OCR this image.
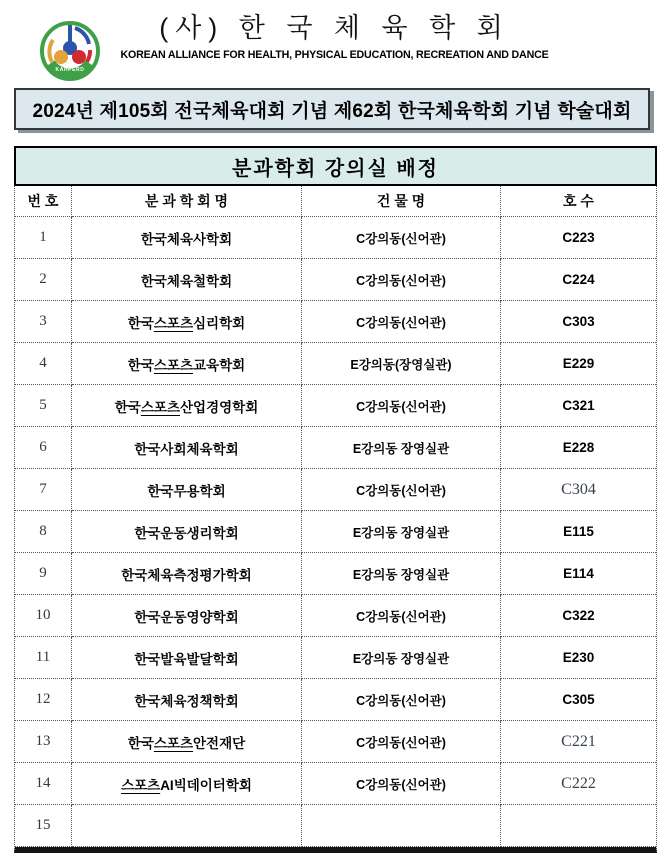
KAHPERD
(사) 한 국 체 육 학 회
KOREAN ALLIANCE FOR HEALTH, PHYSICAL EDUCATION, RECREATION AND DANCE
2024년 제105회 전국체육대회 기념 제62회 한국체육학회 기념 학술대회
분과학회 강의실 배정
번 호	분 과 학 회 명	건 물 명	호 수
1	한국체육사학회	C강의동(신어관)	C223
2	한국체육철학회	C강의동(신어관)	C224
3	한국 스포츠 심리학회	C강의동(신어관)	C303
4	한국 스포츠 교육학회	E강의동(장영실관)	E229
5	한국 스포츠 산업경영학회	C강의동(신어관)	C321
6	한국사회체육학회	E강의동 장영실관	E228
7	한국무용학회	C강의동(신어관)	C304
8	한국운동생리학회	E강의동 장영실관	E115
9	한국체육측정평가학회	E강의동 장영실관	E114
10	한국운동영양학회	C강의동(신어관)	C322
11	한국발육발달학회	E강의동 장영실관	E230
12	한국체육정책학회	C강의동(신어관)	C305
13	한국 스포츠 안전재단	C강의동(신어관)	C221
14	스포츠 AI빅데이터학회	C강의동(신어관)	C222
15
